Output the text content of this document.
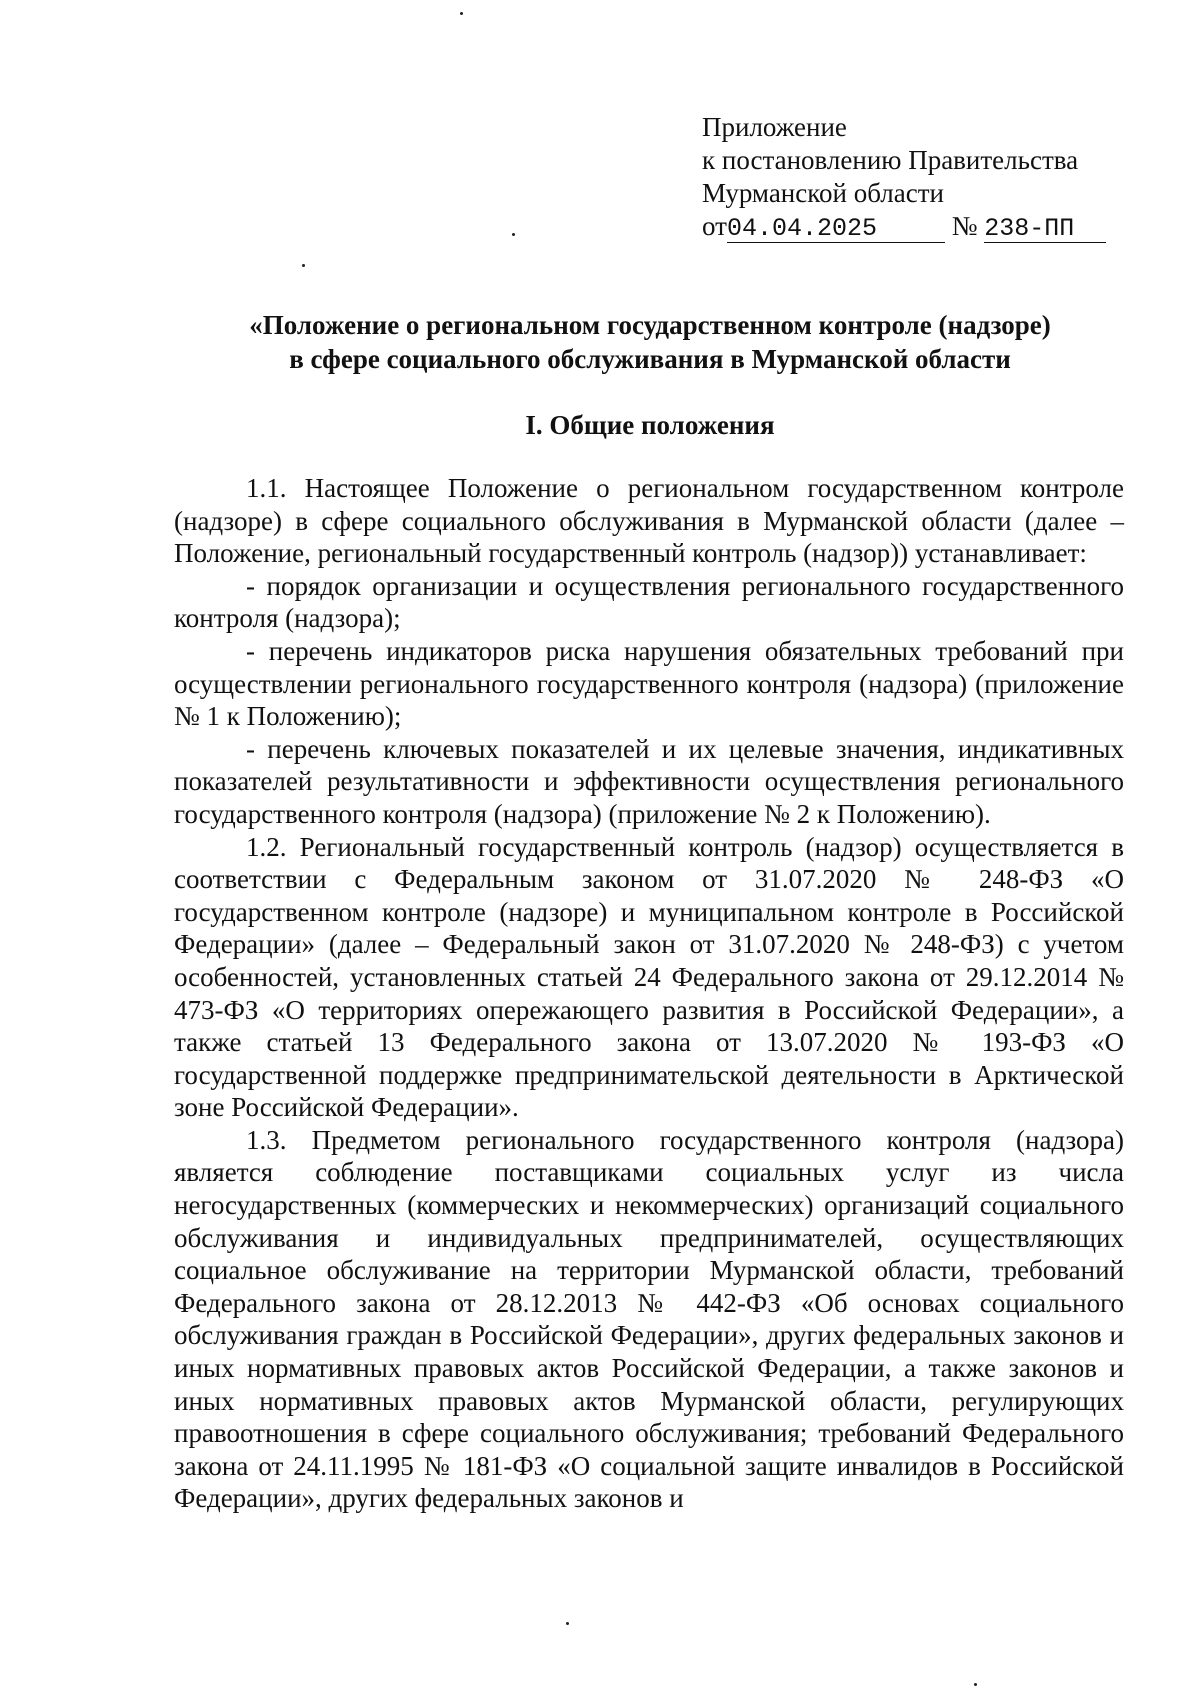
Приложение
к постановлению Правительства
Мурманской области
от04.04.2025	№ 238-ПП
«Положение о региональном государственном контроле (надзоре)
в сфере социального обслуживания в Мурманской области
I. Общие положения

1.1. Настоящее Положение о региональном государственном контроле (надзоре) в сфере социального обслуживания в Мурманской области (далее – Положение, региональный государственный контроль (надзор)) устанавливает:

- порядок организации и осуществления регионального государственного контроля (надзора);

- перечень индикаторов риска нарушения обязательных требований при осуществлении регионального государственного контроля (надзора) (приложение № 1 к Положению);

- перечень ключевых показателей и их целевые значения, индикативных показателей результативности и эффективности осуществления регионального государственного контроля (надзора) (приложение № 2 к Положению).

1.2. Региональный государственный контроль (надзор) осуществляется в соответствии с Федеральным законом от 31.07.2020 № 248-ФЗ «О государственном контроле (надзоре) и муниципальном контроле в Российской Федерации» (далее – Федеральный закон от 31.07.2020 № 248-ФЗ) с учетом особенностей, установленных статьей 24 Федерального закона от 29.12.2014 № 473-ФЗ «О территориях опережающего развития в Российской Федерации», а также статьей 13 Федерального закона от 13.07.2020 № 193-ФЗ «О государственной поддержке предпринимательской деятельности в Арктической зоне Российской Федерации».

1.3. Предметом регионального государственного контроля (надзора) является соблюдение поставщиками социальных услуг из числа негосударственных (коммерческих и некоммерческих) организаций социального обслуживания и индивидуальных предпринимателей, осуществляющих социальное обслуживание на территории Мурманской области, требований Федерального закона от 28.12.2013 № 442-ФЗ «Об основах социального обслуживания граждан в Российской Федерации», других федеральных законов и иных нормативных правовых актов Российской Федерации, а также законов и иных нормативных правовых актов Мурманской области, регулирующих правоотношения в сфере социального обслуживания; требований Федерального закона от 24.11.1995 № 181-ФЗ «О социальной защите инвалидов в Российской Федерации», других федеральных законов и
